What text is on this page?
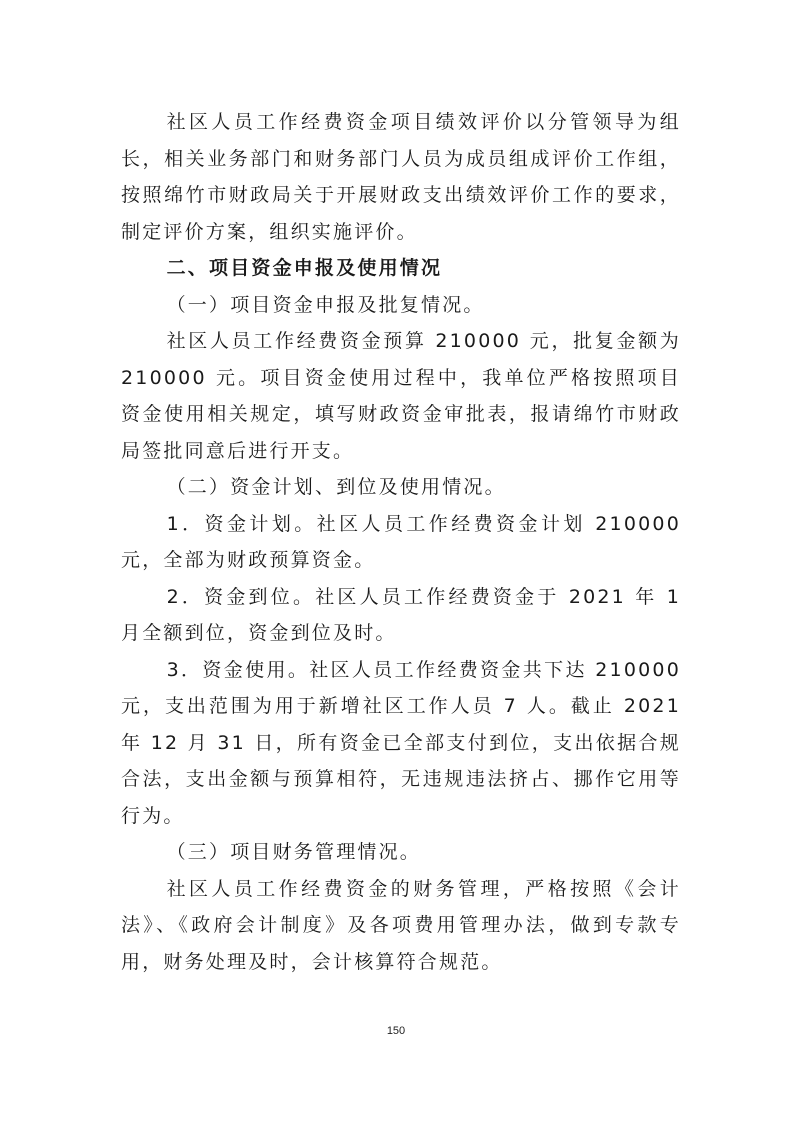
社区人员工作经费资金项目绩效评价以分管领导为组长，相关业务部门和财务部门人员为成员组成评价工作组，按照绵竹市财政局关于开展财政支出绩效评价工作的要求，制定评价方案，组织实施评价。

二、项目资金申报及使用情况

（一）项目资金申报及批复情况。

社区人员工作经费资金预算 210000 元，批复金额为 210000 元。项目资金使用过程中，我单位严格按照项目资金使用相关规定，填写财政资金审批表，报请绵竹市财政局签批同意后进行开支。

（二）资金计划、到位及使用情况。

1．资金计划。社区人员工作经费资金计划 210000 元，全部为财政预算资金。

2．资金到位。社区人员工作经费资金于 2021 年 1 月全额到位，资金到位及时。

3．资金使用。社区人员工作经费资金共下达 210000 元，支出范围为用于新增社区工作人员 7 人。截止 2021 年 12 月 31 日，所有资金已全部支付到位，支出依据合规合法，支出金额与预算相符，无违规违法挤占、挪作它用等行为。

（三）项目财务管理情况。

社区人员工作经费资金的财务管理，严格按照《会计法》、《政府会计制度》及各项费用管理办法，做到专款专用，财务处理及时，会计核算符合规范。

150
